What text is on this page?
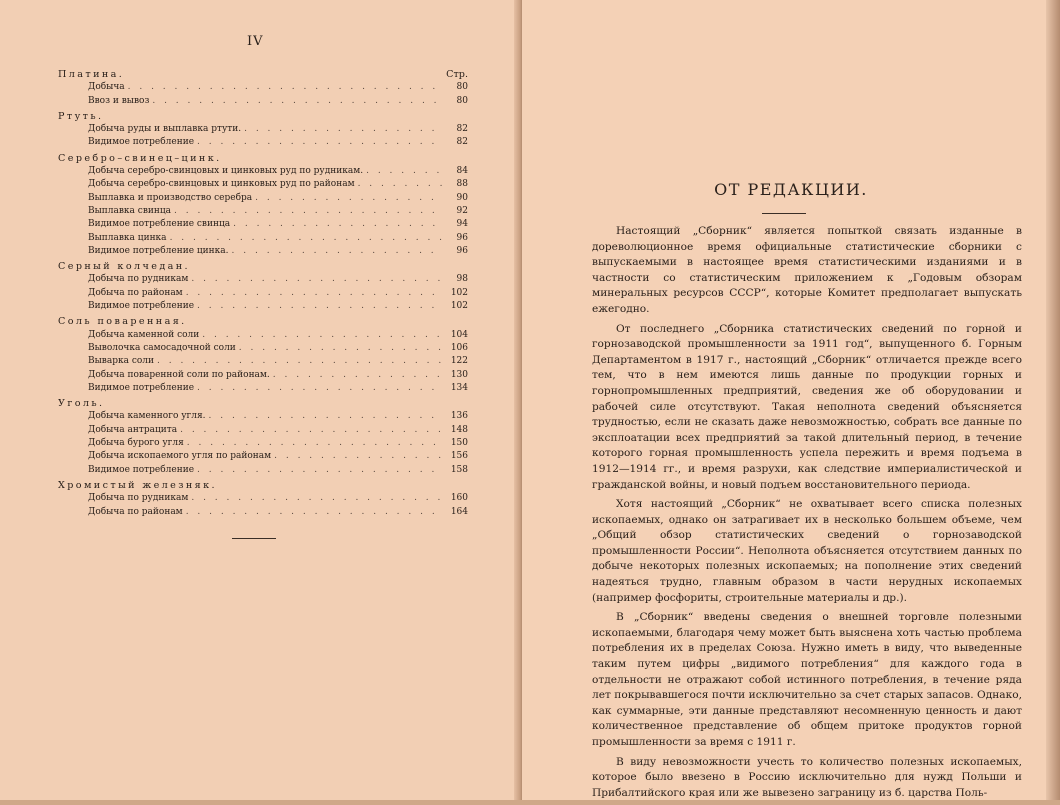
IV
Платина.	Стр.
Добыча . . .	80
Ввоз и вывоз . . .	80
Ртуть.
Добыча руды и выплавка ртути. . . .	82
Видимое потребление . . .	82
Серебро–свинец–цинк.
Добыча серебро-свинцовых и цинковых руд по рудникам. . . .	84
Добыча серебро-свинцовых и цинковых руд по районам . . .	88
Выплавка и производство серебра . . .	90
Выплавка свинца . . .	92
Видимое потребление свинца . . .	94
Выплавка цинка . . .	96
Видимое потребление цинка. . . .	96
Серный колчедан.
Добыча по рудникам . . .	98
Добыча по районам . . .	102
Видимое потребление . . .	102
Соль поваренная.
Добыча каменной соли . . .	104
Выволочка самосадочной соли . . .	106
Выварка соли . . .	122
Добыча поваренной соли по районам. . . .	130
Видимое потребление . . .	134
Уголь.
Добыча каменного угля. . . .	136
Добыча антрацита . . .	148
Добыча бурого угля . . .	150
Добыча ископаемого угля по районам . . .	156
Видимое потребление . . .	158
Хромистый железняк.
Добыча по рудникам . . .	160
Добыча по районам . . .	164
ОТ РЕДАКЦИИ.

Настоящий „Сборник“ является попыткой связать изданные в дореволюционное время официальные статистические сборники с выпускаемыми в настоящее время статистическими изданиями и в частности со статистическим приложением к „Годовым обзорам минеральных ресурсов СССР“, которые Комитет предполагает выпускать ежегодно.

От последнего „Сборника статистических сведений по горной и горнозаводской промышленности за 1911 год“, выпущенного б. Горным Департаментом в 1917 г., настоящий „Сборник“ отличается прежде всего тем, что в нем имеются лишь данные по продукции горных и горнопромышленных предприятий, сведения же об оборудовании и рабочей силе отсутствуют. Такая неполнота сведений объясняется трудностью, если не сказать даже невозможностью, собрать все данные по эксплоатации всех предприятий за такой длительный период, в течение которого горная промышленность успела пережить и время подъема в 1912—1914 гг., и время разрухи, как следствие империалистической и гражданской войны, и новый подъем восстановительного периода.

Хотя настоящий „Сборник“ не охватывает всего списка полезных ископаемых, однако он затрагивает их в несколько большем объеме, чем „Общий обзор статистических сведений о горнозаводской промышленности России“. Неполнота объясняется отсутствием данных по добыче некоторых полезных ископаемых; на пополнение этих сведений надеяться трудно, главным образом в части нерудных ископаемых (например фосфориты, строительные материалы и др.).

В „Сборник“ введены сведения о внешней торговле полезными ископаемыми, благодаря чему может быть выяснена хоть частью проблема потребления их в пределах Союза. Нужно иметь в виду, что выведенные таким путем цифры „видимого потребления“ для каждого года в отдельности не отражают собой истинного потребления, в течение ряда лет покрывавшегося почти исключительно за счет старых запасов. Однако, как суммарные, эти данные представляют несомненную ценность и дают количественное представление об общем притоке продуктов горной промышленности за время с 1911 г.

В виду невозможности учесть то количество полезных ископаемых, которое было ввезено в Россию исключительно для нужд Польши и Прибалтийского края или же вывезено заграницу из б. царства Поль-
